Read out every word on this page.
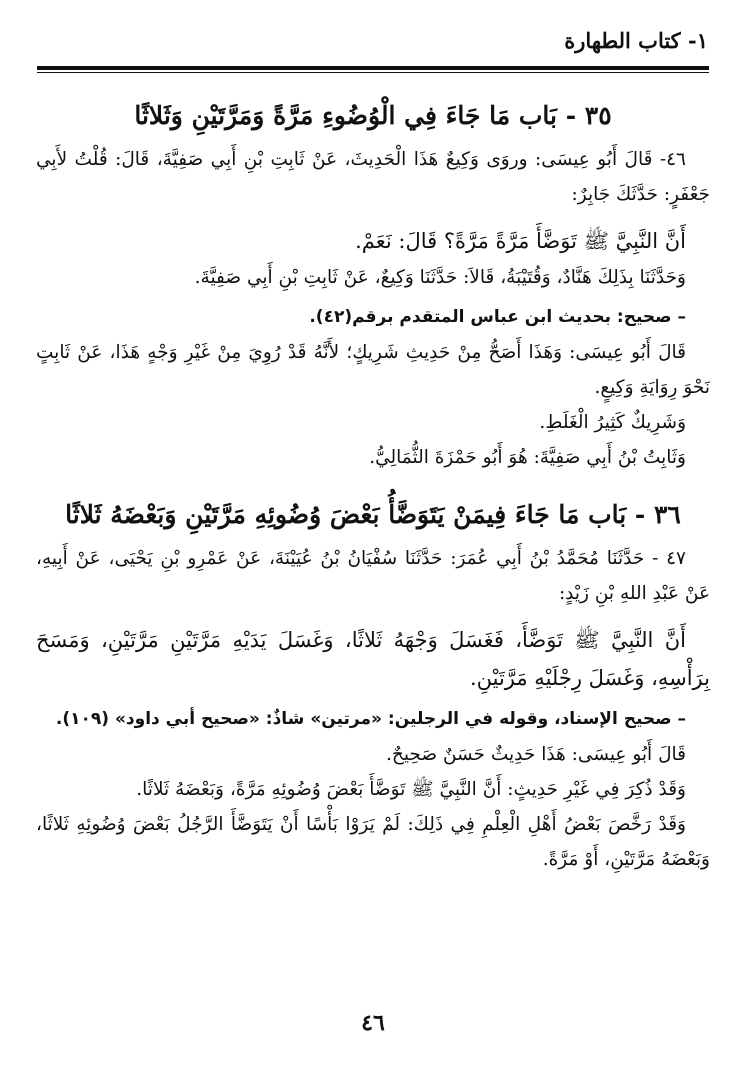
١- كتاب الطهارة
٣٥ - بَاب مَا جَاءَ فِي الْوُضُوءِ مَرَّةً وَمَرَّتَيْنِ وَثَلاثًا

٤٦- قَالَ أَبُو عِيسَى: وروَى وَكِيعٌ هَذَا الْحَدِيثَ، عَنْ ثَابِتِ بْنِ أَبِي صَفِيَّةَ، قَالَ: قُلْتُ لأَبِي جَعْفَرٍ: حَدَّثَكَ جَابِرٌ:

أَنَّ النَّبِيَّ ﷺ تَوَضَّأَ مَرَّةً مَرَّةً؟ قَالَ: نَعَمْ.

وَحَدَّثَنَا بِذَلِكَ هَنَّادٌ، وَقُتَيْبَةُ، قَالاَ: حَدَّثَنَا وَكِيعٌ، عَنْ ثَابِتِ بْنِ أَبِي صَفِيَّةَ.

– صحيح: بحديث ابن عباس المتقدم برقم(٤٢).

قَالَ أَبُو عِيسَى: وَهَذَا أَصَحُّ مِنْ حَدِيثِ شَرِيكٍ؛ لأَنَّهُ قَدْ رُوِيَ مِنْ غَيْرِ وَجْهٍ هَذَا، عَنْ ثَابِتٍ نَحْوَ رِوَايَةِ وَكِيعٍ.

وَشَرِيكٌ كَثِيرُ الْغَلَطِ.

وَثَابِتُ بْنُ أَبِي صَفِيَّةَ: هُوَ أَبُو حَمْزَةَ الثُّمَالِيُّ.

٣٦ - بَاب مَا جَاءَ فِيمَنْ يَتَوَضَّأُ بَعْضَ وُضُوئِهِ مَرَّتَيْنِ وَبَعْضَهُ ثَلاثًا

٤٧ - حَدَّثَنَا مُحَمَّدُ بْنُ أَبِي عُمَرَ: حَدَّثَنَا سُفْيَانُ بْنُ عُيَيْنَةَ، عَنْ عَمْرِو بْنِ يَحْيَى، عَنْ أَبِيهِ، عَنْ عَبْدِ اللهِ بْنِ زَيْدٍ:

أَنَّ النَّبِيَّ ﷺ تَوَضَّأَ، فَغَسَلَ وَجْهَهُ ثَلاثًا، وَغَسَلَ يَدَيْهِ مَرَّتَيْنِ مَرَّتَيْنِ، وَمَسَحَ بِرَأْسِهِ، وَغَسَلَ رِجْلَيْهِ مَرَّتَيْنِ.

– صحيح الإسناد، وقوله في الرجلين: «مرتين» شاذٌ: «صحيح أبي داود» (١٠٩).

قَالَ أَبُو عِيسَى: هَذَا حَدِيثٌ حَسَنٌ صَحِيحٌ.

وَقَدْ ذُكِرَ فِي غَيْرِ حَدِيثٍ: أَنَّ النَّبِيَّ ﷺ تَوَضَّأَ بَعْضَ وُضُوئِهِ مَرَّةً، وَبَعْضَهُ ثَلاثًا.

وَقَدْ رَخَّصَ بَعْضُ أَهْلِ الْعِلْمِ فِي ذَلِكَ: لَمْ يَرَوْا بَأْسًا أَنْ يَتَوَضَّأَ الرَّجُلُ بَعْضَ وُضُوئِهِ ثَلاثًا، وَبَعْضَهُ مَرَّتَيْنِ، أَوْ مَرَّةً.

٤٦
